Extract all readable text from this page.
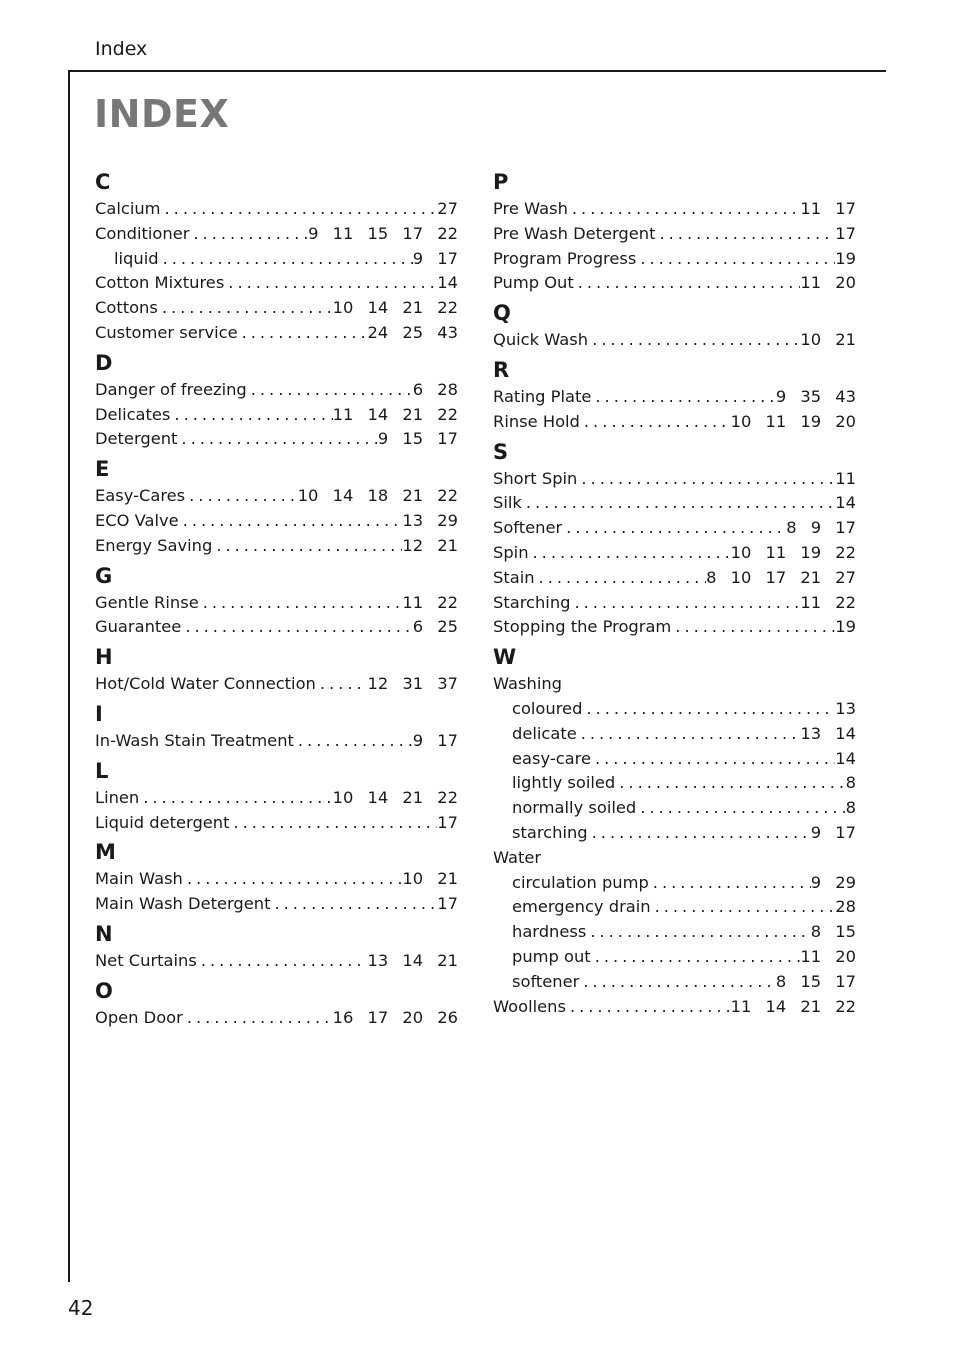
Index
INDEX
C
Calcium . . .	27
Conditioner . . .	9 11 15 17 22
liquid . . .	9 17
Cotton Mixtures . . .	14
Cottons . . .	10 14 21 22
Customer service . . .	24 25 43
D
Danger of freezing . . .	6 28
Delicates . . .	11 14 21 22
Detergent . . .	9 15 17
E
Easy-Cares . . .	10 14 18 21 22
ECO Valve . . .	13 29
Energy Saving . . .	12 21
G
Gentle Rinse . . .	11 22
Guarantee . . .	6 25
H
Hot/Cold Water Connection . . .	12 31 37
I
In-Wash Stain Treatment . . .	9 17
L
Linen . . .	10 14 21 22
Liquid detergent . . .	17
M
Main Wash . . .	10 21
Main Wash Detergent . . .	17
N
Net Curtains . . .	13 14 21
O
Open Door . . .	16 17 20 26
P
Pre Wash . . .	11 17
Pre Wash Detergent . . .	17
Program Progress . . .	19
Pump Out . . .	11 20
Q
Quick Wash . . .	10 21
R
Rating Plate . . .	9 35 43
Rinse Hold . . .	10 11 19 20
S
Short Spin . . .	11
Silk . . .	14
Softener . . .	8 9 17
Spin . . .	10 11 19 22
Stain . . .	8 10 17 21 27
Starching . . .	11 22
Stopping the Program . . .	19
W
Washing
coloured . . .	13
delicate . . .	13 14
easy-care . . .	14
lightly soiled . . .	8
normally soiled . . .	8
starching . . .	9 17
Water
circulation pump . . .	9 29
emergency drain . . .	28
hardness . . .	8 15
pump out . . .	11 20
softener . . .	8 15 17
Woollens . . .	11 14 21 22
42
